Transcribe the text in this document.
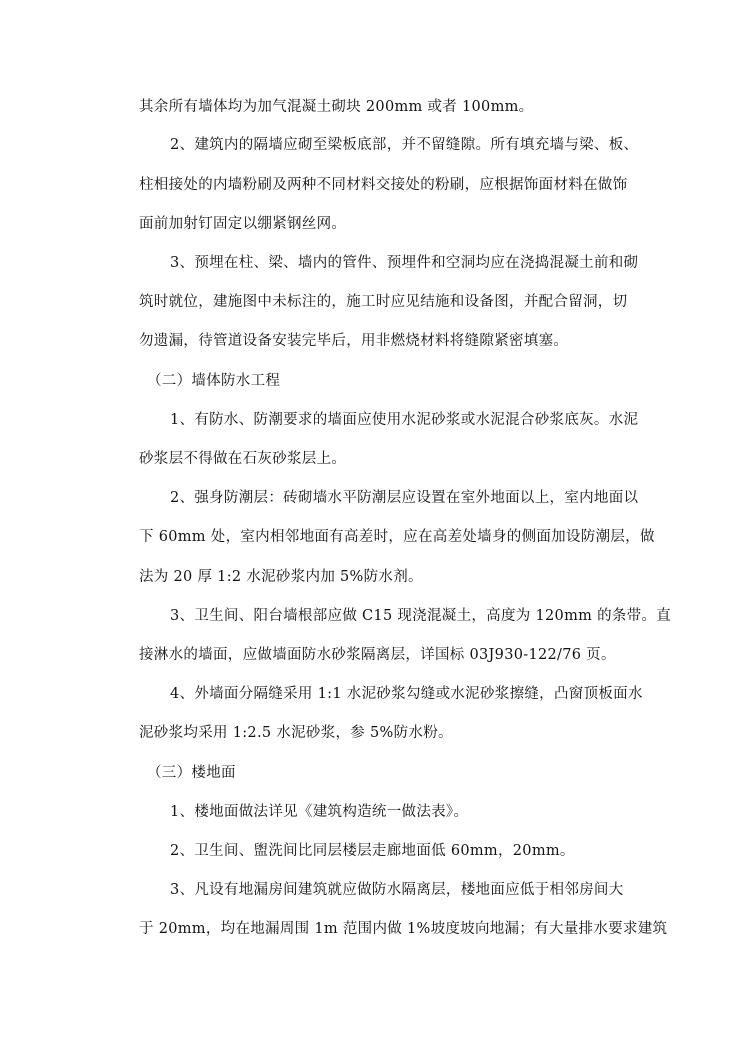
其余所有墙体均为加气混凝土砌块 200mm 或者 100mm。
2、建筑内的隔墙应砌至梁板底部，并不留缝隙。所有填充墙与梁、板、
柱相接处的内墙粉刷及两种不同材料交接处的粉刷，应根据饰面材料在做饰
面前加射钉固定以绷紧钢丝网。
3、预埋在柱、梁、墙内的管件、预埋件和空洞均应在浇捣混凝土前和砌
筑时就位，建施图中未标注的，施工时应见结施和设备图，并配合留洞，切
勿遗漏，待管道设备安装完毕后，用非燃烧材料将缝隙紧密填塞。
（二）墙体防水工程
1、有防水、防潮要求的墙面应使用水泥砂浆或水泥混合砂浆底灰。水泥
砂浆层不得做在石灰砂浆层上。
2、强身防潮层：砖砌墙水平防潮层应设置在室外地面以上，室内地面以
下 60mm 处，室内相邻地面有高差时，应在高差处墙身的侧面加设防潮层，做
法为 20 厚 1:2 水泥砂浆内加 5%防水剂。
3、卫生间、阳台墙根部应做 C15 现浇混凝土，高度为 120mm 的条带。直
接淋水的墙面，应做墙面防水砂浆隔离层，详国标 03J930-122/76 页。
4、外墙面分隔缝采用 1:1 水泥砂浆勾缝或水泥砂浆擦缝，凸窗顶板面水
泥砂浆均采用 1:2.5 水泥砂浆，参 5%防水粉。
（三）楼地面
1、楼地面做法详见《建筑构造统一做法表》。
2、卫生间、盥洗间比同层楼层走廊地面低 60mm，20mm。
3、凡设有地漏房间建筑就应做防水隔离层，楼地面应低于相邻房间大
于 20mm，均在地漏周围 1m 范围内做 1%坡度坡向地漏；有大量排水要求建筑
